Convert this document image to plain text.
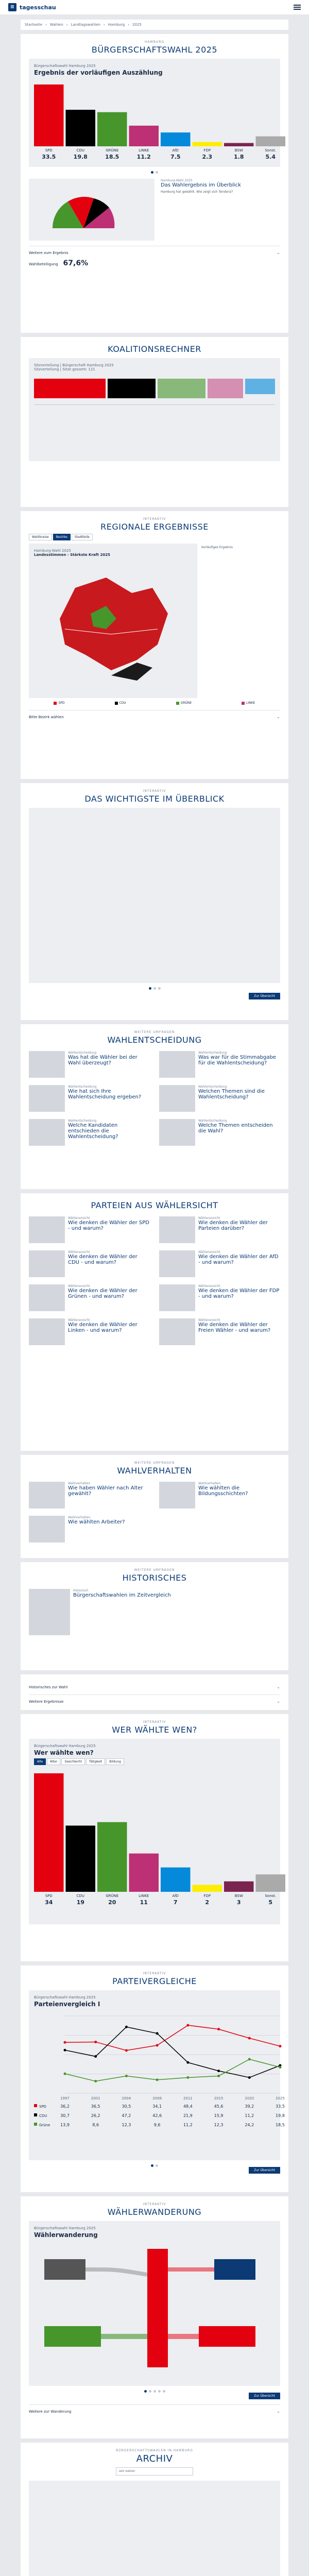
≡ tagesschau
Startseite › Wahlen › Landtagswahlen › Hamburg › 2025
HAMBURG
BÜRGERSCHAFTSWAHL 2025
Bürgerschaftswahl Hamburg 2025
Ergebnis der vorläufigen Auszählung
SPD
33.5
CDU
19.8
GRÜNE
18.5
LINKE
11.2
AfD
7.5
FDP
2.3
BSW
1.8
Sonst.
5.4
Hamburg-Wahl 2025
Das Wahlergebnis im Überblick
Hamburg hat gewählt. Wie zeigt sich Tendenz?
Weitere zum Ergebnis	⌄
Wahlbeteiligung 67,6%
KOALITIONSRECHNER
Sitzverteilung | Bürgerschaft Hamburg 2025
Sitzverteilung | Sitze gesamt: 121
INTERAKTIV
REGIONALE ERGEBNISSE
Wahlkreise	Bezirke	Stadtteile
Hamburg-Wahl 2025
Landesstimmen - Stärkste Kraft 2025
Vorläufiges Ergebnis
SPD	CDU	GRÜNE	LINKE
Bitte Bezirk wählen	⌄
INTERAKTIV
DAS WICHTIGSTE IM ÜBERBLICK
Zur Übersicht
WEITERE UMFRAGEN
WAHLENTSCHEIDUNG
Wahlentscheidung
Was hat die Wähler bei der Wahl überzeugt?
Wahlentscheidung
Was war für die Stimmabgabe für die Wahlentscheidung?
Wahlentscheidung
Wie hat sich Ihre Wahlentscheidung ergeben?
Wahlentscheidung
Welchen Themen sind die Wahlentscheidung?
Wahlentscheidung
Welche Kandidaten entschieden die Wahlentscheidung?
Wahlentscheidung
Welche Themen entscheiden die Wahl?
PARTEIEN AUS WÄHLERSICHT
Wähleransicht
Wie denken die Wähler der SPD - und warum?
Wähleransicht
Wie denken die Wähler der Parteien darüber?
Wähleransicht
Wie denken die Wähler der CDU - und warum?
Wähleransicht
Wie denken die Wähler der AfD - und warum?
Wähleransicht
Wie denken die Wähler der Grünen - und warum?
Wähleransicht
Wie denken die Wähler der FDP - und warum?
Wähleransicht
Wie denken die Wähler der Linken - und warum?
Wähleransicht
Wie denken die Wähler der Freien Wähler - und warum?
WEITERE UMFRAGEN
WAHLVERHALTEN
Wahlverhalten
Wie haben Wähler nach Alter gewählt?
Wahlverhalten
Wie wählten die Bildungsschichten?
Wahlverhalten
Wie wählten Arbeiter?
WEITERE UMFRAGEN
HISTORISCHES
Historisch
Bürgerschaftswahlen im Zeitvergleich
Historisches zur Wahl	⌄
Weitere Ergebnisse	⌄
INTERAKTIV
WER WÄHLTE WEN?
Bürgerschaftswahl Hamburg 2025
Wer wählte wen?
Alle	Alter	Geschlecht	Tätigkeit	Bildung
SPD
34
CDU
19
GRÜNE
20
LINKE
11
AfD
7
FDP
2
BSW
3
Sonst.
5
INTERAKTIV
PARTEIVERGLEICHE
Bürgerschaftswahl Hamburg 2025
Parteienvergleich I
SPD	36,2	36,5	30,5	34,1	48,4	45,6	39,2	33,5
CDU	30,7	26,2	47,2	42,6	21,9	15,9	11,2	19,8
Grüne 13,9	8,6	12,3	9,6	11,2	12,3	24,2	18,5
1997	2001	2004	2008	2011	2015	2020	2025
Zur Übersicht
INTERAKTIV
WÄHLERWANDERUNG
Bürgerschaftswahl Hamburg 2025
Wählerwanderung
Zur Übersicht
Weitere zur Wanderung	⌄
BÜRGERSCHAFTSWAHLEN IN HAMBURG
ARCHIV
Jahr wählen
